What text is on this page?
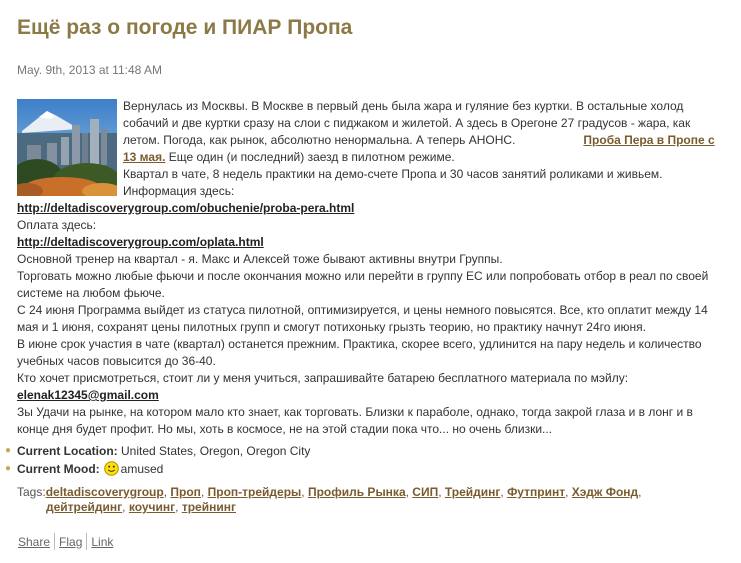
Ещё раз о погоде и ПИАР Пропа
May. 9th, 2013 at 11:48 AM

Вернулась из Москвы. В Москве в первый день была жара и гуляние без куртки. В остальные холод собачий и две куртки сразу на слои с пиджаком и жилетой. А здесь в Орегоне 27 градусов - жара, как летом. Погода, как рынок, абсолютно ненормальна. А теперь АНОНС.	Проба Пера в Пропе с 13 мая. Еще один (и последний) заезд в пилотном режиме.

Квартал в чате, 8 недель практики на демо-счете Пропа и 30 часов занятий роликами и живьем.

Информация здесь:

http://deltadiscoverygroup.com/obuchenie/proba-pera.html

Оплата здесь:

http://deltadiscoverygroup.com/oplata.html

Основной тренер на квартал - я. Макс и Алексей тоже бывают активны внутри Группы.

Торговать можно любые фьючи и после окончания можно или перейти в группу ЕС или попробовать отбор в реал по своей системе на любом фьюче.

С 24 июня Программа выйдет из статуса пилотной, оптимизируется, и цены немного повысятся. Все, кто оплатит между 14 мая и 1 июня, сохранят цены пилотных групп и смогут потихоньку грызть теорию, но практику начнут 24го июня.

В июне срок участия в чате (квартал) останется прежним. Практика, скорее всего, удлинится на пару недель и количество учебных часов повысится до 36-40.

Кто хочет присмотреться, стоит ли у меня учиться, запрашивайте батарею бесплатного материала по мэйлу:

elenak12345@gmail.com

Зы Удачи на рынке, на котором мало кто знает, как торговать. Близки к параболе, однако, тогда закрой глаза и в лонг и в конце дня будет профит. Но мы, хоть в космосе, не на этой стадии пока что... но очень близки...

● Current Location: United States, Oregon, Oregon City
● Current Mood: amused
Tags:deltadiscoverygroup, Проп, Проп-трейдеры, Профиль Рынка, СИП, Трейдинг, Футпринт, Хэдж Фонд,
дейтрейдинг, коучинг, трейнинг
Share Flag Link
